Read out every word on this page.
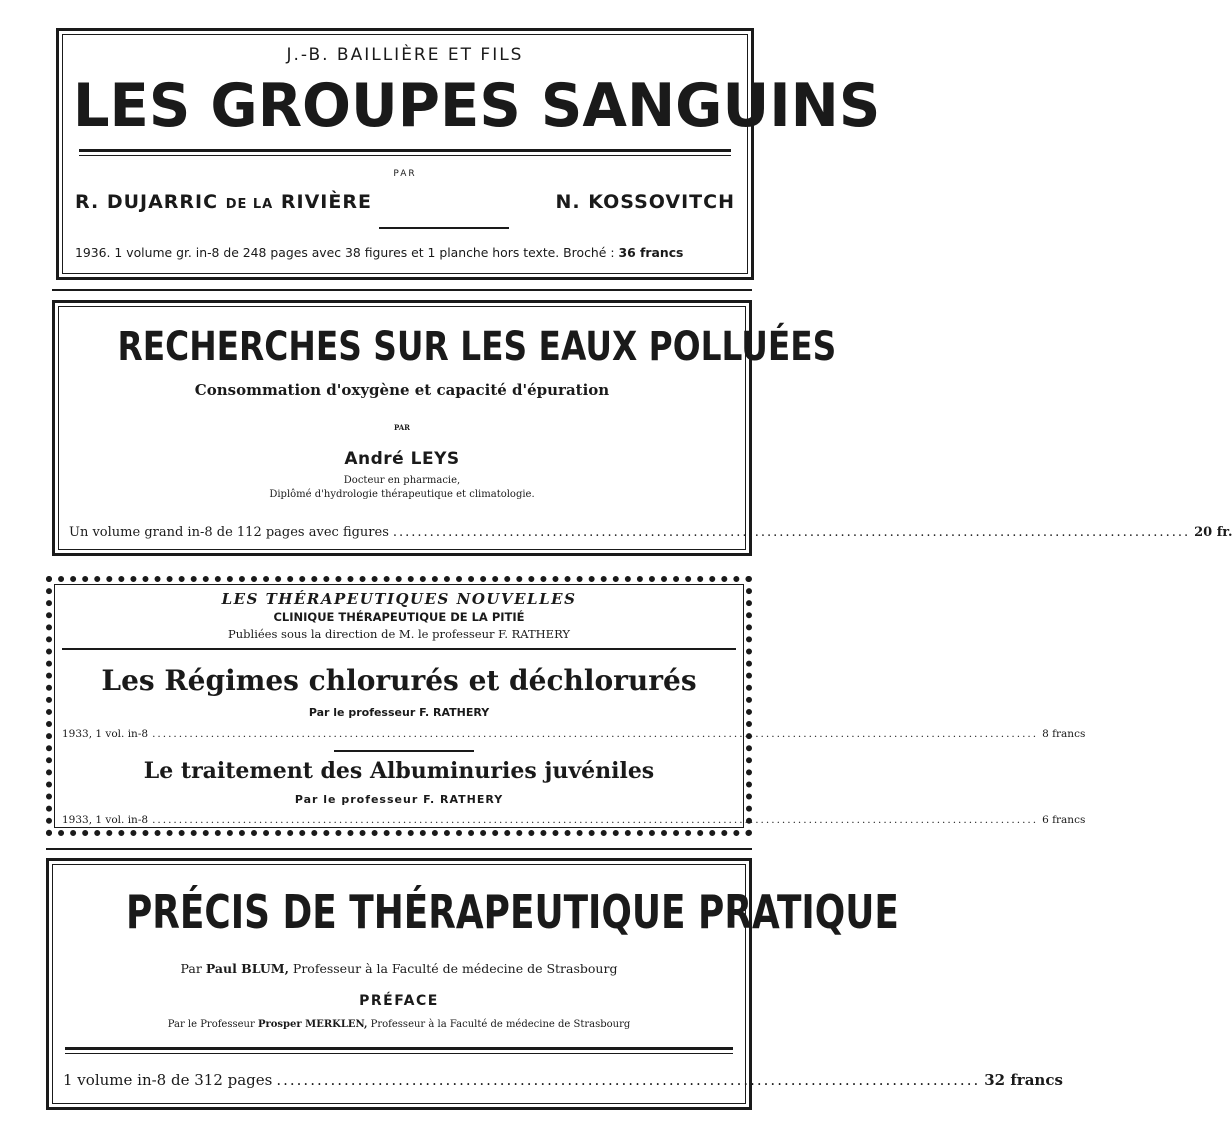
J.-B. BAILLIÈRE ET FILS
LES GROUPES SANGUINS
PAR
R. DUJARRIC DE LA RIVIÈRE	N. KOSSOVITCH
1936. 1 volume gr. in-8 de 248 pages avec 38 figures et 1 planche hors texte. Broché : 36 francs
RECHERCHES SUR LES EAUX POLLUÉES
Consommation d'oxygène et capacité d'épuration
PAR
André LEYS
Docteur en pharmacie,
Diplômé d'hydrologie thérapeutique et climatologie.
Un volume grand in-8 de 112 pages avec figures .................................................................................................................................. 20 fr.
LES THÉRAPEUTIQUES NOUVELLES
CLINIQUE THÉRAPEUTIQUE DE LA PITIÉ
Publiées sous la direction de M. le professeur F. RATHERY
Les Régimes chlorurés et déchlorurés
Par le professeur F. RATHERY
1933, 1 vol. in-8 ...................................................................................................................................................................... 8 francs
Le traitement des Albuminuries juvéniles
Par le professeur F. RATHERY
1933, 1 vol. in-8 ...................................................................................................................................................................... 6 francs
PRÉCIS DE THÉRAPEUTIQUE PRATIQUE
Par Paul BLUM, Professeur à la Faculté de médecine de Strasbourg
PRÉFACE
Par le Professeur Prosper MERKLEN, Professeur à la Faculté de médecine de Strasbourg
1 volume in-8 de 312 pages ........................................................................................................ 32 francs
